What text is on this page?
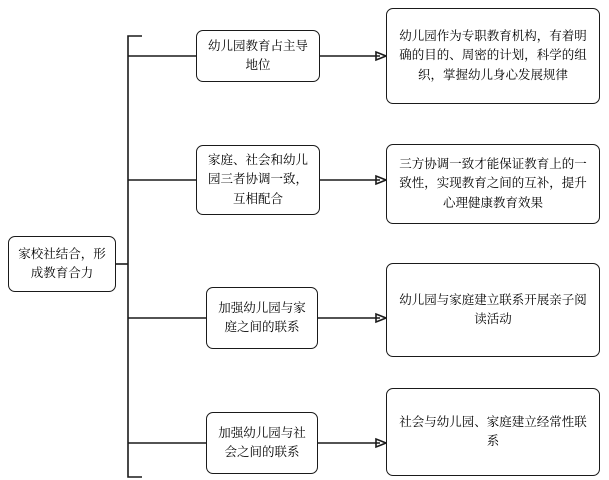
家校社结合，形成教育合力
幼儿园教育占主导地位
幼儿园作为专职教育机构，有着明确的目的、周密的计划，科学的组织，掌握幼儿身心发展规律
家庭、社会和幼儿园三者协调一致，互相配合
三方协调一致才能保证教育上的一致性，实现教育之间的互补，提升心理健康教育效果
加强幼儿园与家庭之间的联系
幼儿园与家庭建立联系开展亲子阅读活动
加强幼儿园与社会之间的联系
社会与幼儿园、家庭建立经常性联系
